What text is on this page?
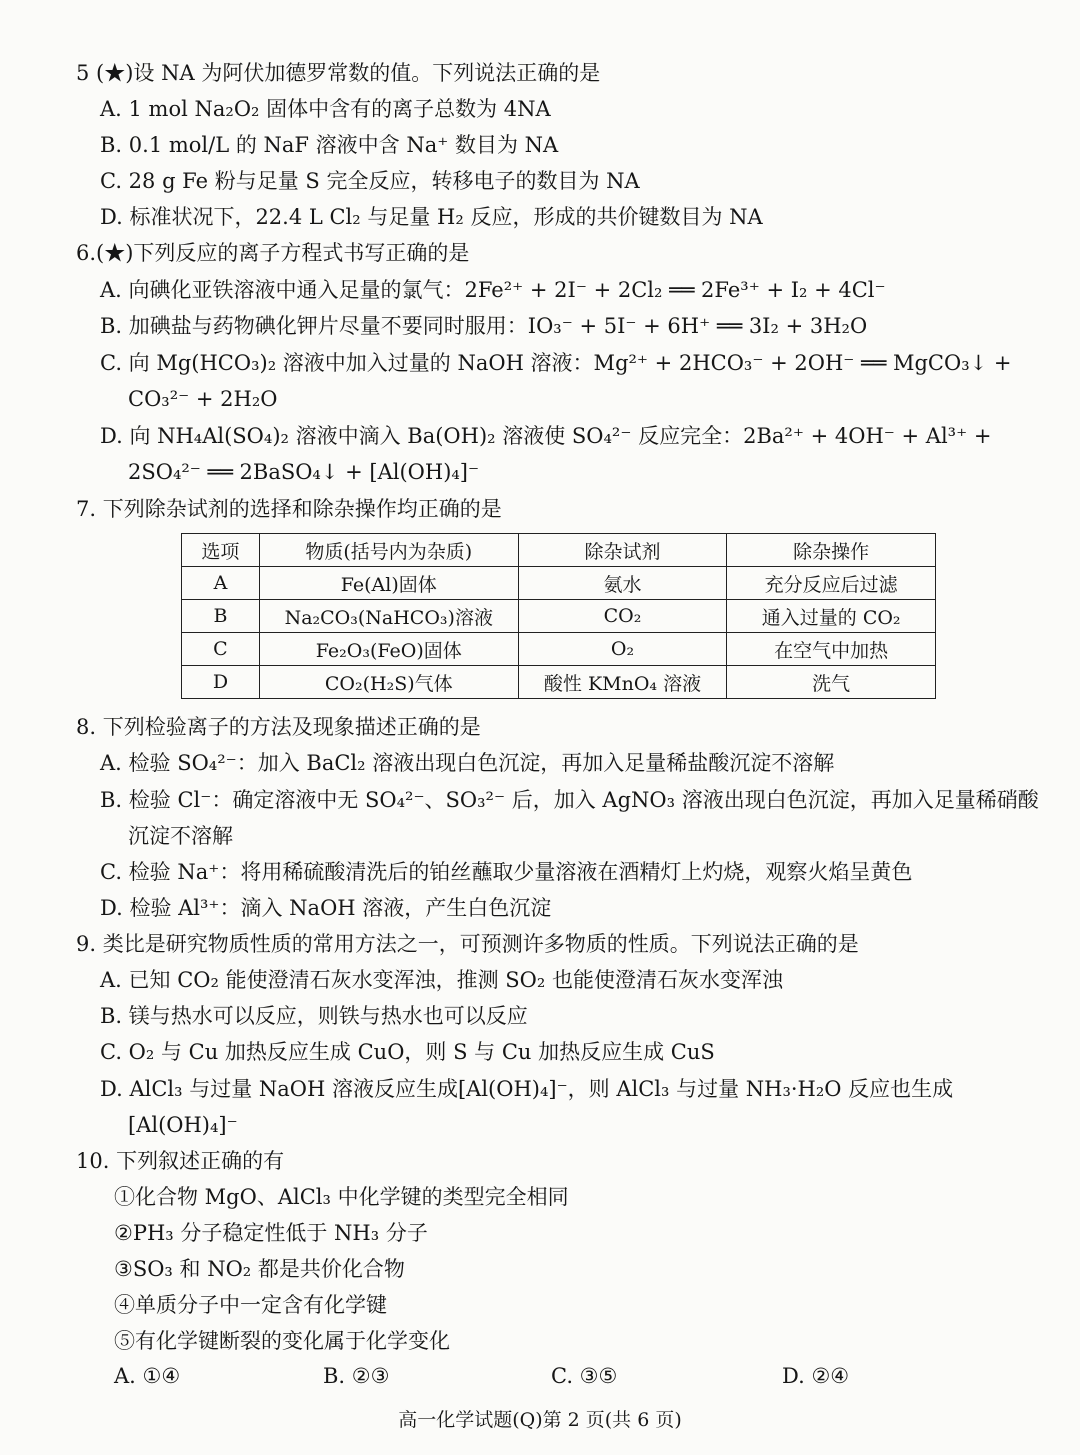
5 (★)设 NA 为阿伏加德罗常数的值。下列说法正确的是
A. 1 mol Na₂O₂ 固体中含有的离子总数为 4NA
B. 0.1 mol/L 的 NaF 溶液中含 Na⁺ 数目为 NA
C. 28 g Fe 粉与足量 S 完全反应，转移电子的数目为 NA
D. 标准状况下，22.4 L Cl₂ 与足量 H₂ 反应，形成的共价键数目为 NA
6.(★)下列反应的离子方程式书写正确的是
A. 向碘化亚铁溶液中通入足量的氯气：2Fe²⁺ + 2I⁻ + 2Cl₂ ══ 2Fe³⁺ + I₂ + 4Cl⁻
B. 加碘盐与药物碘化钾片尽量不要同时服用：IO₃⁻ + 5I⁻ + 6H⁺ ══ 3I₂ + 3H₂O
C. 向 Mg(HCO₃)₂ 溶液中加入过量的 NaOH 溶液：Mg²⁺ + 2HCO₃⁻ + 2OH⁻ ══ MgCO₃↓ +
CO₃²⁻ + 2H₂O
D. 向 NH₄Al(SO₄)₂ 溶液中滴入 Ba(OH)₂ 溶液使 SO₄²⁻ 反应完全：2Ba²⁺ + 4OH⁻ + Al³⁺ +
2SO₄²⁻ ══ 2BaSO₄↓ + [Al(OH)₄]⁻
7. 下列除杂试剂的选择和除杂操作均正确的是
选项	物质(括号内为杂质)	除杂试剂	除杂操作
A	Fe(Al)固体	氨水	充分反应后过滤
B	Na₂CO₃(NaHCO₃)溶液	CO₂	通入过量的 CO₂
C	Fe₂O₃(FeO)固体	O₂	在空气中加热
D	CO₂(H₂S)气体	酸性 KMnO₄ 溶液	洗气
8. 下列检验离子的方法及现象描述正确的是
A. 检验 SO₄²⁻：加入 BaCl₂ 溶液出现白色沉淀，再加入足量稀盐酸沉淀不溶解
B. 检验 Cl⁻：确定溶液中无 SO₄²⁻、SO₃²⁻ 后，加入 AgNO₃ 溶液出现白色沉淀，再加入足量稀硝酸
沉淀不溶解
C. 检验 Na⁺：将用稀硫酸清洗后的铂丝蘸取少量溶液在酒精灯上灼烧，观察火焰呈黄色
D. 检验 Al³⁺：滴入 NaOH 溶液，产生白色沉淀
9. 类比是研究物质性质的常用方法之一，可预测许多物质的性质。下列说法正确的是
A. 已知 CO₂ 能使澄清石灰水变浑浊，推测 SO₂ 也能使澄清石灰水变浑浊
B. 镁与热水可以反应，则铁与热水也可以反应
C. O₂ 与 Cu 加热反应生成 CuO，则 S 与 Cu 加热反应生成 CuS
D. AlCl₃ 与过量 NaOH 溶液反应生成[Al(OH)₄]⁻，则 AlCl₃ 与过量 NH₃·H₂O 反应也生成
[Al(OH)₄]⁻
10. 下列叙述正确的有
①化合物 MgO、AlCl₃ 中化学键的类型完全相同
②PH₃ 分子稳定性低于 NH₃ 分子
③SO₃ 和 NO₂ 都是共价化合物
④单质分子中一定含有化学键
⑤有化学键断裂的变化属于化学变化
A. ①④	B. ②③	C. ③⑤	D. ②④
高一化学试题(Q)第 2 页(共 6 页)
